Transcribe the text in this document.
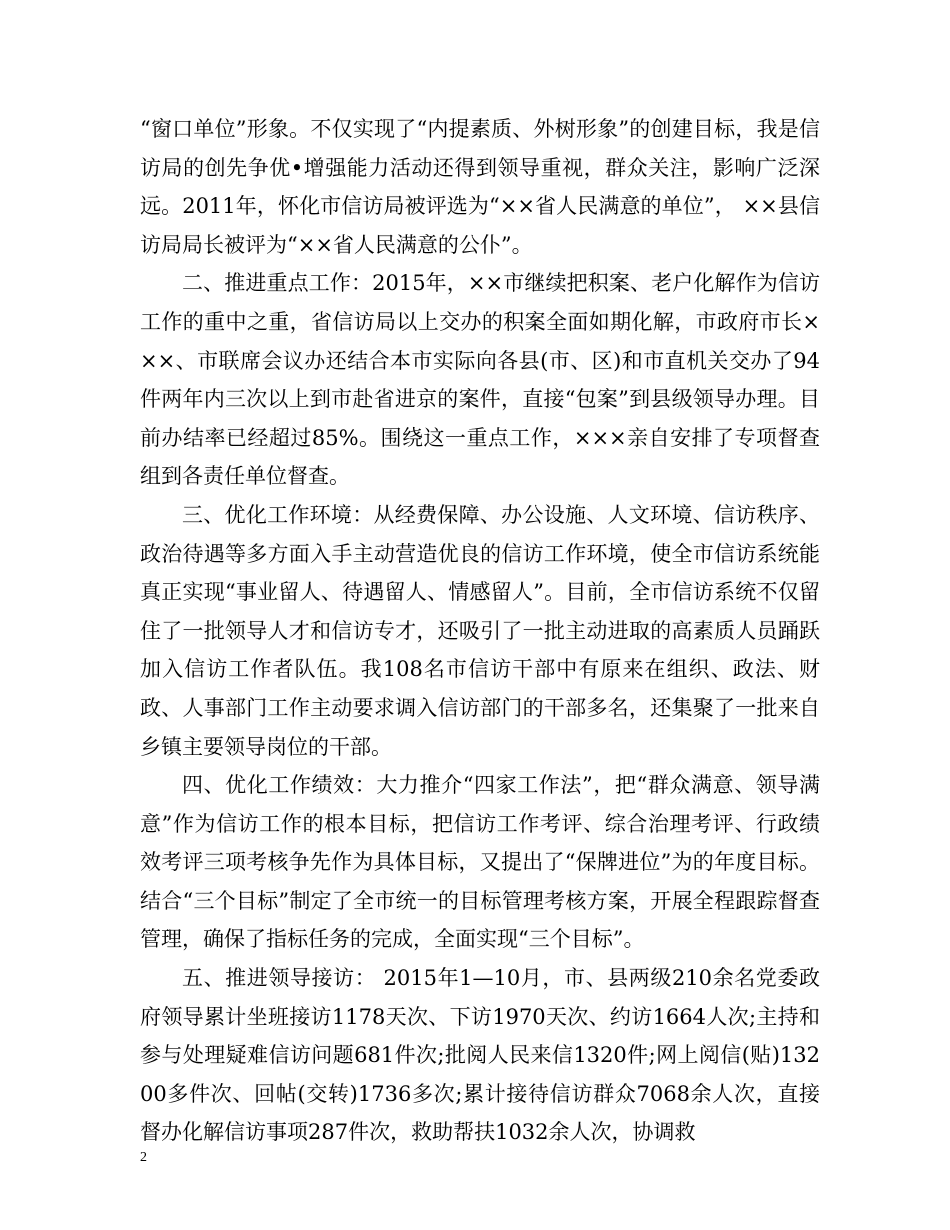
“窗口单位”形象。不仅实现了“内提素质、外树形象”的创建目标，我是信访局的创先争优•增强能力活动还得到领导重视，群众关注，影响广泛深远。2011年，怀化市信访局被评选为“××省人民满意的单位”， ××县信访局局长被评为“××省人民满意的公仆”。

二、推进重点工作：2015年，××市继续把积案、老户化解作为信访工作的重中之重，省信访局以上交办的积案全面如期化解，市政府市长×××、市联席会议办还结合本市实际向各县(市、区)和市直机关交办了94件两年内三次以上到市赴省进京的案件，直接“包案”到县级领导办理。目前办结率已经超过85%。围绕这一重点工作，×××亲自安排了专项督查组到各责任单位督查。

三、优化工作环境：从经费保障、办公设施、人文环境、信访秩序、政治待遇等多方面入手主动营造优良的信访工作环境，使全市信访系统能真正实现“事业留人、待遇留人、情感留人”。目前，全市信访系统不仅留住了一批领导人才和信访专才，还吸引了一批主动进取的高素质人员踊跃加入信访工作者队伍。我108名市信访干部中有原来在组织、政法、财政、人事部门工作主动要求调入信访部门的干部多名，还集聚了一批来自乡镇主要领导岗位的干部。

四、优化工作绩效：大力推介“四家工作法”，把“群众满意、领导满意”作为信访工作的根本目标，把信访工作考评、综合治理考评、行政绩效考评三项考核争先作为具体目标，又提出了“保牌进位”为的年度目标。结合“三个目标”制定了全市统一的目标管理考核方案，开展全程跟踪督查管理，确保了指标任务的完成，全面实现“三个目标”。

五、推进领导接访： 2015年1—10月，市、县两级210余名党委政府领导累计坐班接访1178天次、下访1970天次、约访1664人次;主持和参与处理疑难信访问题681件次;批阅人民来信1320件;网上阅信(贴)13200多件次、回帖(交转)1736多次;累计接待信访群众7068余人次，直接督办化解信访事项287件次，救助帮扶1032余人次，协调救

2
